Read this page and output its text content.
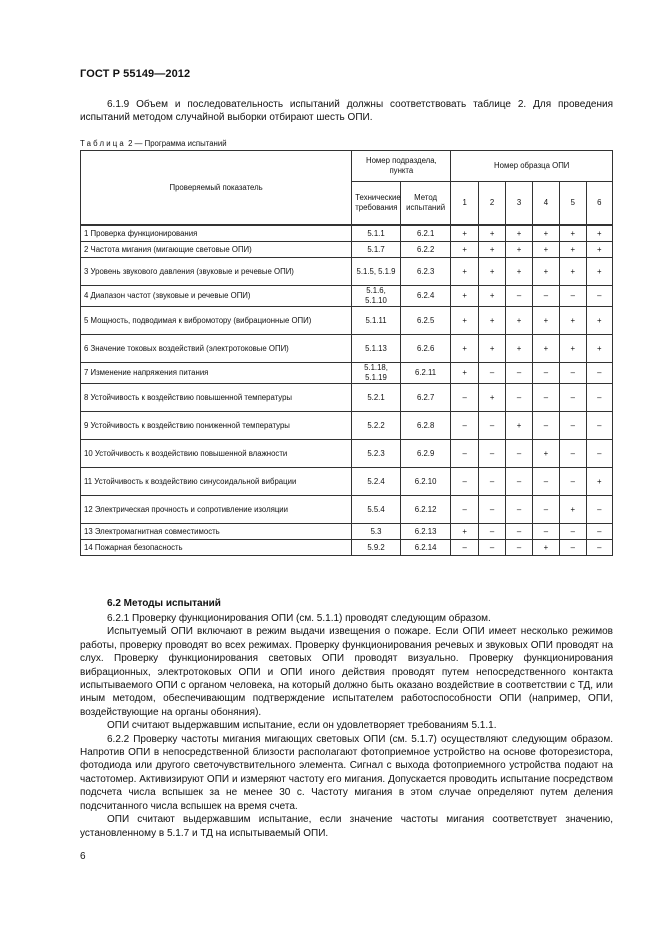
ГОСТ Р 55149—2012
6.1.9 Объем и последовательность испытаний должны соответствовать таблице 2. Для проведения испытаний методом случайной выборки отбирают шесть ОПИ.
Таблица 2 — Программа испытаний
Проверяемый показатель	Номер подраздела, пункта		Номер образца ОПИ					
	Технические требования	Метод испытаний	1	2	3	4	5	6

1 Проверка функционирования	5.1.1	6.2.1	+	+	+	+	+	+
2 Частота мигания (мигающие световые ОПИ)	5.1.7	6.2.2	+	+	+	+	+	+
3 Уровень звукового давления (звуковые и речевые ОПИ)	5.1.5, 5.1.9	6.2.3	+	+	+	+	+	+
4 Диапазон частот (звуковые и речевые ОПИ)	5.1.6, 5.1.10	6.2.4	+	+	–	–	–	–
5 Мощность, подводимая к вибромотору (вибрационные ОПИ)	5.1.11	6.2.5	+	+	+	+	+	+
6 Значение токовых воздействий (электротоковые ОПИ)	5.1.13	6.2.6	+	+	+	+	+	+
7 Изменение напряжения питания	5.1.18, 5.1.19	6.2.11	+	–	–	–	–	–
8 Устойчивость к воздействию повышенной температуры	5.2.1	6.2.7	–	+	–	–	–	–
9 Устойчивость к воздействию пониженной температуры	5.2.2	6.2.8	–	–	+	–	–	–
10 Устойчивость к воздействию повышенной влажности	5.2.3	6.2.9	–	–	–	+	–	–
11 Устойчивость к воздействию синусоидальной вибрации	5.2.4	6.2.10	–	–	–	–	–	+
12 Электрическая прочность и сопротивление изоляции	5.5.4	6.2.12	–	–	–	–	+	–
13 Электромагнитная совместимость	5.3	6.2.13	+	–	–	–	–	–
14 Пожарная безопасность	5.9.2	6.2.14	–	–	–	+	–	–
6.2 Методы испытаний

6.2.1 Проверку функционирования ОПИ (см. 5.1.1) проводят следующим образом.

Испытуемый ОПИ включают в режим выдачи извещения о пожаре. Если ОПИ имеет несколько режимов работы, проверку проводят во всех режимах. Проверку функционирования речевых и звуковых ОПИ проводят на слух. Проверку функционирования световых ОПИ проводят визуально. Проверку функционирования вибрационных, электротоковых ОПИ и ОПИ иного действия проводят путем непосредственного контакта испытываемого ОПИ с органом человека, на который должно быть оказано воздействие в соответствии с ТД, или иным методом, обеспечивающим подтверждение испытателем работоспособности ОПИ (например, ОПИ, воздействующие на органы обоняния).

ОПИ считают выдержавшим испытание, если он удовлетворяет требованиям 5.1.1.

6.2.2 Проверку частоты мигания мигающих световых ОПИ (см. 5.1.7) осуществляют следующим образом. Напротив ОПИ в непосредственной близости располагают фотоприемное устройство на основе фоторезистора, фотодиода или другого светочувствительного элемента. Сигнал с выхода фотоприемного устройства подают на частотомер. Активизируют ОПИ и измеряют частоту его мигания. Допускается проводить испытание посредством подсчета числа вспышек за не менее 30 с. Частоту мигания в этом случае определяют путем деления подсчитанного числа вспышек на время счета.

ОПИ считают выдержавшим испытание, если значение частоты мигания соответствует значению, установленному в 5.1.7 и ТД на испытываемый ОПИ.

6
